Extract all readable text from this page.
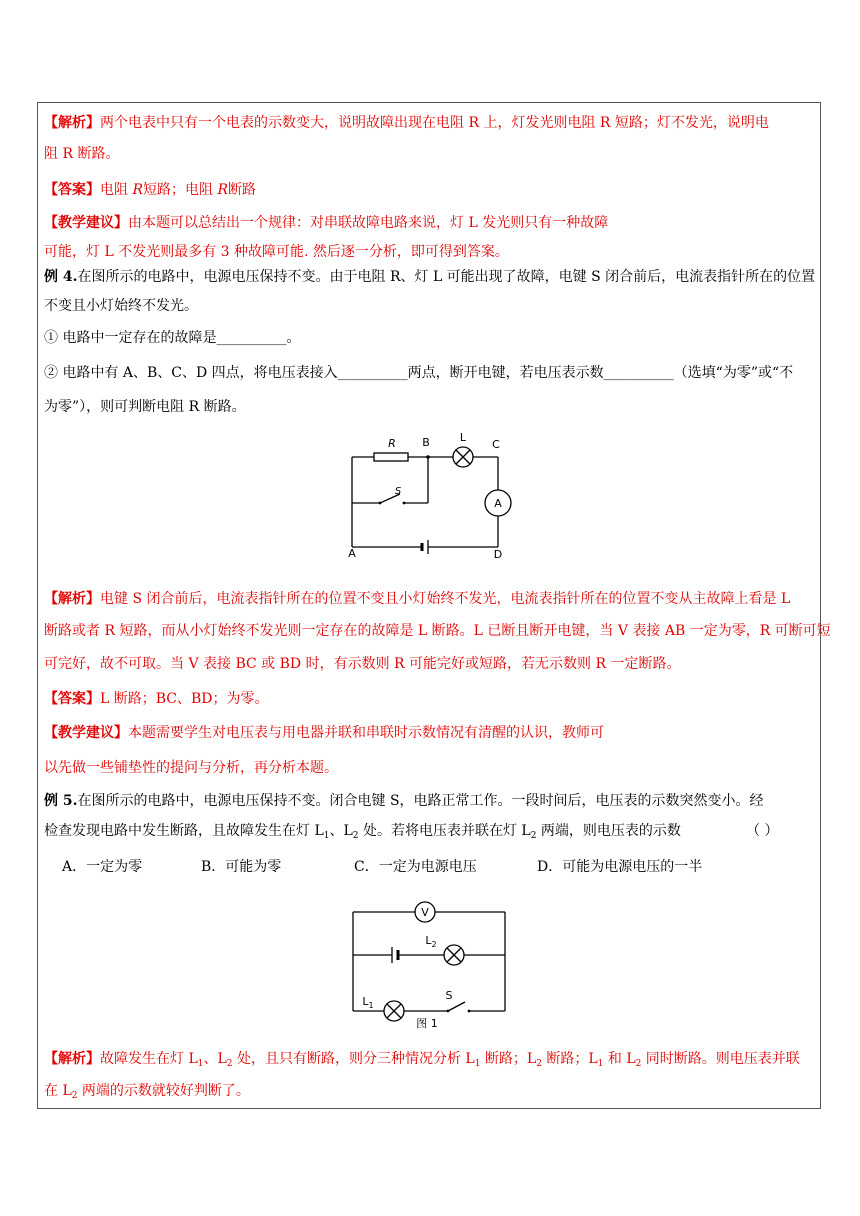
【解析】两个电表中只有一个电表的示数变大，说明故障出现在电阻 R 上，灯发光则电阻 R 短路；灯不发光，说明电
阻 R 断路。
【答案】电阻 R短路；电阻 R断路
【教学建议】由本题可以总结出一个规律：对串联故障电路来说，灯 L 发光则只有一种故障
可能，灯 L 不发光则最多有 3 种故障可能. 然后逐一分析，即可得到答案。
例 4.在图所示的电路中，电源电压保持不变。由于电阻 R、灯 L 可能出现了故障，电键 S 闭合前后，电流表指针所在的位置
不变且小灯始终不发光。
① 电路中一定存在的故障是__________。
② 电路中有 A、B、C、D 四点，将电压表接入__________两点，断开电键，若电压表示数__________（选填“为零”或“不
为零”），则可判断电阻 R 断路。
R B	L
C
S
A
A	D
【解析】电键 S 闭合前后，电流表指针所在的位置不变且小灯始终不发光，电流表指针所在的位置不变从主故障上看是 L
断路或者 R 短路，而从小灯始终不发光则一定存在的故障是 L 断路。L 已断且断开电键，当 V 表接 AB 一定为零，R 可断可短
可完好，故不可取。当 V 表接 BC 或 BD 时，有示数则 R 可能完好或短路，若无示数则 R 一定断路。
【答案】L 断路；BC、BD；为零。
【教学建议】本题需要学生对电压表与用电器并联和串联时示数情况有清醒的认识，教师可
以先做一些铺垫性的提问与分析，再分析本题。
例 5.在图所示的电路中，电源电压保持不变。闭合电键 S，电路正常工作。一段时间后，电压表的示数突然变小。经
检查发现电路中发生断路，且故障发生在灯 $L_1$、$L_2$ 处。若将电压表并联在灯 $L_2$ 两端，则电压表的示数	（ ）
A．一定为零	B．可能为零	C．一定为电源电压	D．可能为电源电压的一半
V
$L_2$
$L_1$
S
图 1
【解析】故障发生在灯 $L_1$、$L_2$ 处，且只有断路，则分三种情况分析 $L_1$ 断路；$L_2$ 断路；$L_1$ 和 $L_2$ 同时断路。则电压表并联
在 $L_2$ 两端的示数就较好判断了。
